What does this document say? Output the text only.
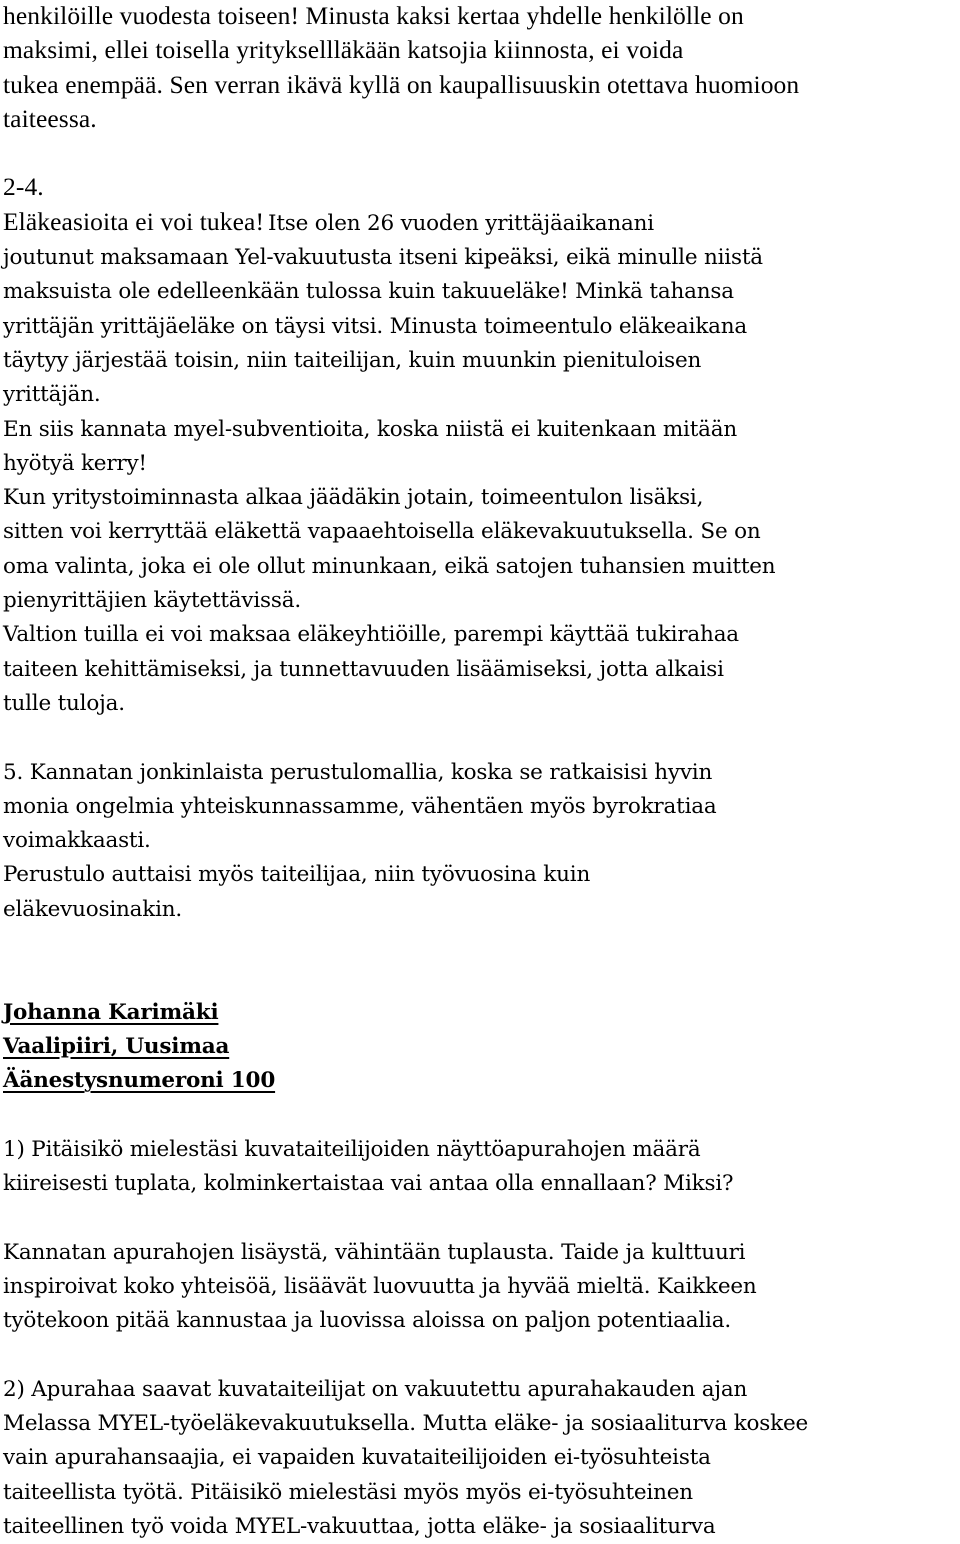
henkilöille vuodesta toiseen! Minusta kaksi kertaa yhdelle henkilölle on
maksimi, ellei toisella yrityksellläkään katsojia kiinnosta, ei voida
tukea enempää. Sen verran ikävä kyllä on kaupallisuuskin otettava huomioon
taiteessa.

2-4.

Eläkeasioita ei voi tukea! Itse olen 26 vuoden yrittäjäaikanani
joutunut maksamaan Yel-vakuutusta itseni kipeäksi, eikä minulle niistä
maksuista ole edelleenkään tulossa kuin takuueläke! Minkä tahansa
yrittäjän yrittäjäeläke on täysi vitsi. Minusta toimeentulo eläkeaikana
täytyy järjestää toisin, niin taiteilijan, kuin muunkin pienituloisen
yrittäjän.

En siis kannata myel-subventioita, koska niistä ei kuitenkaan mitään
hyötyä kerry!

Kun yritystoiminnasta alkaa jäädäkin jotain, toimeentulon lisäksi,
sitten voi kerryttää eläkettä vapaaehtoisella eläkevakuutuksella. Se on
oma valinta, joka ei ole ollut minunkaan, eikä satojen tuhansien muitten
pienyrittäjien käytettävissä.

Valtion tuilla ei voi maksaa eläkeyhtiöille, parempi käyttää tukirahaa
taiteen kehittämiseksi, ja tunnettavuuden lisäämiseksi, jotta alkaisi
tulle tuloja.

5. Kannatan jonkinlaista perustulomallia, koska se ratkaisisi hyvin
monia ongelmia yhteiskunnassamme, vähentäen myös byrokratiaa
voimakkaasti.

Perustulo auttaisi myös taiteilijaa, niin työvuosina kuin
eläkevuosinakin.

Johanna Karimäki

Vaalipiiri, Uusimaa

Äänestysnumeroni 100

1) Pitäisikö mielestäsi kuvataiteilijoiden näyttöapurahojen määrä
kiireisesti tuplata, kolminkertaistaa vai antaa olla ennallaan? Miksi?

Kannatan apurahojen lisäystä, vähintään tuplausta. Taide ja kulttuuri
inspiroivat koko yhteisöä, lisäävät luovuutta ja hyvää mieltä. Kaikkeen
työtekoon pitää kannustaa ja luovissa aloissa on paljon potentiaalia.

2) Apurahaa saavat kuvataiteilijat on vakuutettu apurahakauden ajan
Melassa MYEL-työeläkevakuutuksella. Mutta eläke- ja sosiaaliturva koskee
vain apurahansaajia, ei vapaiden kuvataiteilijoiden ei-työsuhteista
taiteellista työtä. Pitäisikö mielestäsi myös myös ei-työsuhteinen
taiteellinen työ voida MYEL-vakuuttaa, jotta eläke- ja sosiaaliturva
